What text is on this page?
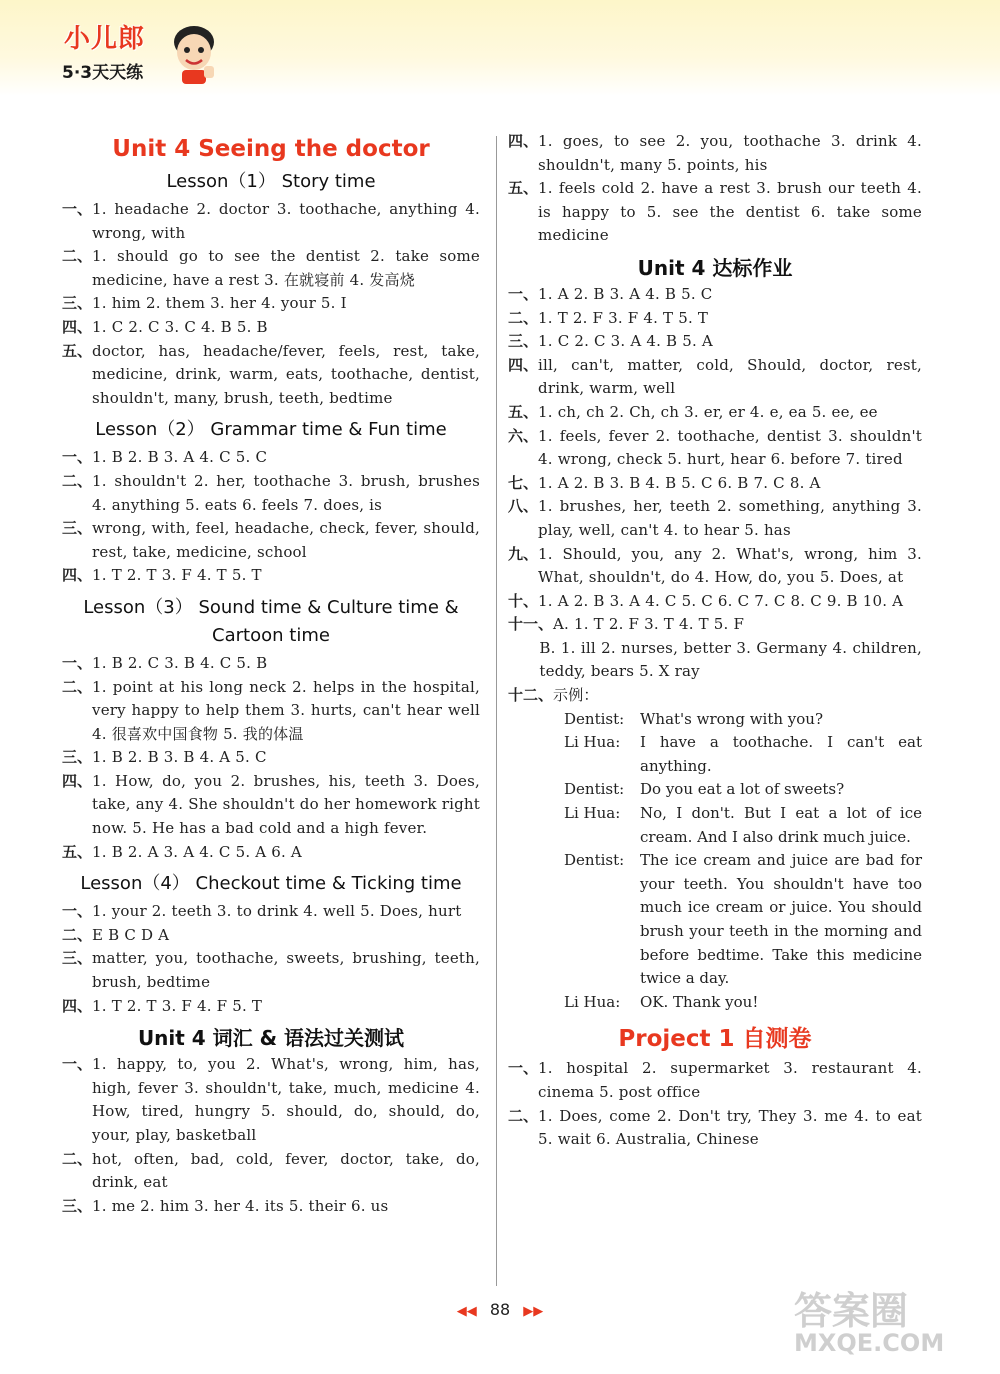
小儿郎
5·3天天练
Unit 4 Seeing the doctor
Lesson（1） Story time
一、 1. headache 2. doctor 3. toothache, anything 4. wrong, with
二、 1. should go to see the dentist 2. take some medicine, have a rest 3. 在就寝前 4. 发高烧
三、 1. him 2. them 3. her 4. your 5. I
四、 1. C 2. C 3. C 4. B 5. B
五、 doctor, has, headache/fever, feels, rest, take, medicine, drink, warm, eats, toothache, dentist, shouldn't, many, brush, teeth, bedtime
Lesson（2） Grammar time & Fun time
一、 1. B 2. B 3. A 4. C 5. C
二、 1. shouldn't 2. her, toothache 3. brush, brushes 4. anything 5. eats 6. feels 7. does, is
三、 wrong, with, feel, headache, check, fever, should, rest, take, medicine, school
四、 1. T 2. T 3. F 4. T 5. T
Lesson（3） Sound time & Culture time & Cartoon time
一、 1. B 2. C 3. B 4. C 5. B
二、 1. point at his long neck 2. helps in the hospital, very happy to help them 3. hurts, can't hear well 4. 很喜欢中国食物 5. 我的体温
三、 1. B 2. B 3. B 4. A 5. C
四、 1. How, do, you 2. brushes, his, teeth 3. Does, take, any 4. She shouldn't do her homework right now. 5. He has a bad cold and a high fever.
五、 1. B 2. A 3. A 4. C 5. A 6. A
Lesson（4） Checkout time & Ticking time
一、 1. your 2. teeth 3. to drink 4. well 5. Does, hurt
二、 E B C D A
三、 matter, you, toothache, sweets, brushing, teeth, brush, bedtime
四、 1. T 2. T 3. F 4. F 5. T
Unit 4 词汇 & 语法过关测试
一、 1. happy, to, you 2. What's, wrong, him, has, high, fever 3. shouldn't, take, much, medicine 4. How, tired, hungry 5. should, do, should, do, your, play, basketball
二、 hot, often, bad, cold, fever, doctor, take, do, drink, eat
三、 1. me 2. him 3. her 4. its 5. their 6. us
四、 1. goes, to see 2. you, toothache 3. drink 4. shouldn't, many 5. points, his
五、 1. feels cold 2. have a rest 3. brush our teeth 4. is happy to 5. see the dentist 6. take some medicine
Unit 4 达标作业
一、 1. A 2. B 3. A 4. B 5. C
二、 1. T 2. F 3. F 4. T 5. T
三、 1. C 2. C 3. A 4. B 5. A
四、 ill, can't, matter, cold, Should, doctor, rest, drink, warm, well
五、 1. ch, ch 2. Ch, ch 3. er, er 4. e, ea 5. ee, ee
六、 1. feels, fever 2. toothache, dentist 3. shouldn't 4. wrong, check 5. hurt, hear 6. before 7. tired
七、 1. A 2. B 3. B 4. B 5. C 6. B 7. C 8. A
八、 1. brushes, her, teeth 2. something, anything 3. play, well, can't 4. to hear 5. has
九、 1. Should, you, any 2. What's, wrong, him 3. What, shouldn't, do 4. How, do, you 5. Does, at
十、 1. A 2. B 3. A 4. C 5. C 6. C 7. C 8. C 9. B 10. A
十一、 A. 1. T 2. F 3. T 4. T 5. F

B. 1. ill 2. nurses, better 3. Germany 4. children, teddy, bears 5. X ray
十二、 示例：
Dentist:	What's wrong with you?
Li Hua:	I have a toothache. I can't eat anything.
Dentist:	Do you eat a lot of sweets?
Li Hua:	No, I don't. But I eat a lot of ice cream. And I also drink much juice.
Dentist:	The ice cream and juice are bad for your teeth. You shouldn't have too much ice cream or juice. You should brush your teeth in the morning and before bedtime. Take this medicine twice a day.
Li Hua:	OK. Thank you!
Project 1 自测卷
一、 1. hospital 2. supermarket 3. restaurant 4. cinema 5. post office
二、 1. Does, come 2. Don't try, They 3. me 4. to eat 5. wait 6. Australia, Chinese
◀◀ 88 ▶▶	答案圈
MXQE.COM
